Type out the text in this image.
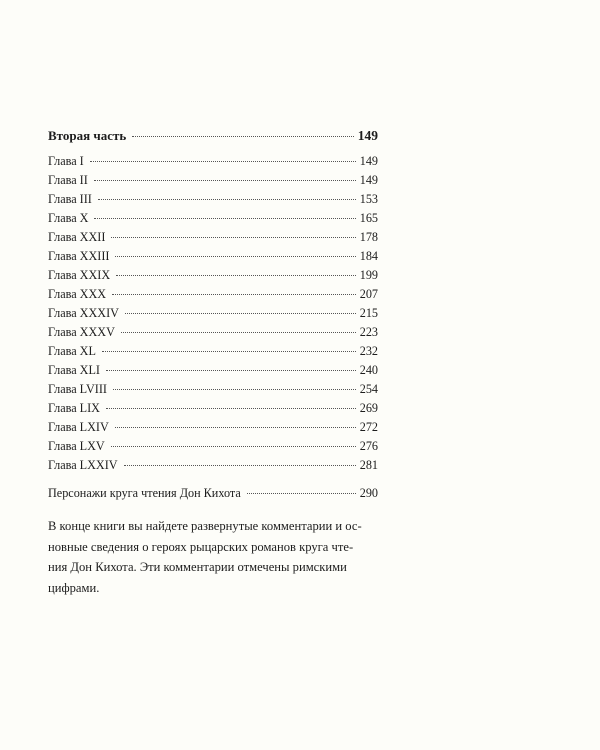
Вторая часть	149
Глава I	149
Глава II	149
Глава III	153
Глава X	165
Глава XXII	178
Глава XXIII	184
Глава XXIX	199
Глава XXX	207
Глава XXXIV	215
Глава XXXV	223
Глава XL	232
Глава XLI	240
Глава LVIII	254
Глава LIX	269
Глава LXIV	272
Глава LXV	276
Глава LXXIV	281
Персонажи круга чтения Дон Кихота	290
В конце книги вы найдете развернутые комментарии и ос-
новные сведения о героях рыцарских романов круга чте-
ния Дон Кихота. Эти комментарии отмечены римскими
цифрами.
